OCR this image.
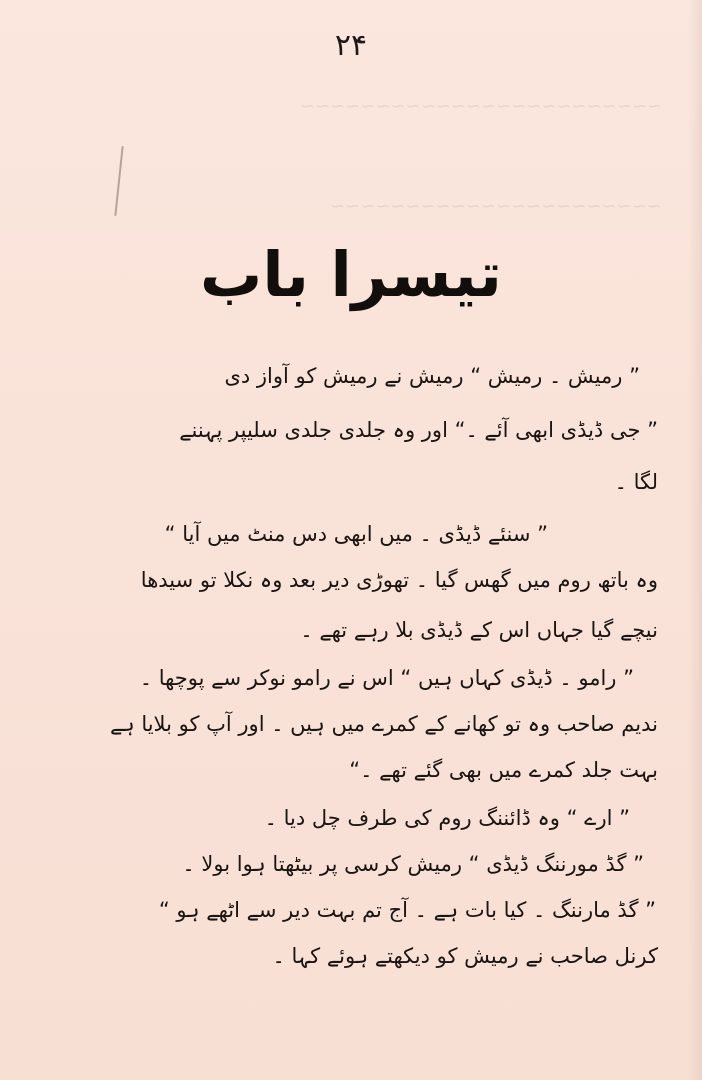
~~~~~~~~~~~~~~~~~~~~~~~~
~~~~~~~~~~~~~~~~~~~~~~
۲۴
تیسرا باب
” رمیش ۔ رمیش “ رمیش نے رمیش کو آواز دی
” جی ڈیڈی ابھی آئے ۔“ اور وہ جلدی جلدی سلیپر پہننے
لگا ۔
” سنئے ڈیڈی ۔ میں ابھی دس منٹ میں آیا “
وہ باتھ روم میں گھس گیا ۔ تھوڑی دیر بعد وہ نکلا تو سیدھا
نیچے گیا جہاں اس کے ڈیڈی بلا رہے تھے ۔
” رامو ۔ ڈیڈی کہاں ہیں “ اس نے رامو نوکر سے پوچھا ۔
ندیم صاحب وہ تو کھانے کے کمرے میں ہیں ۔ اور آپ کو بلایا ہے
بہت جلد کمرے میں بھی گئے تھے ۔“
” ارے “ وہ ڈائننگ روم کی طرف چل دیا ۔
” گڈ مورننگ ڈیڈی “ رمیش کرسی پر بیٹھتا ہوا بولا ۔
” گڈ مارننگ ۔ کیا بات ہے ۔ آج تم بہت دیر سے اٹھے ہو “
کرنل صاحب نے رمیش کو دیکھتے ہوئے کہا ۔
